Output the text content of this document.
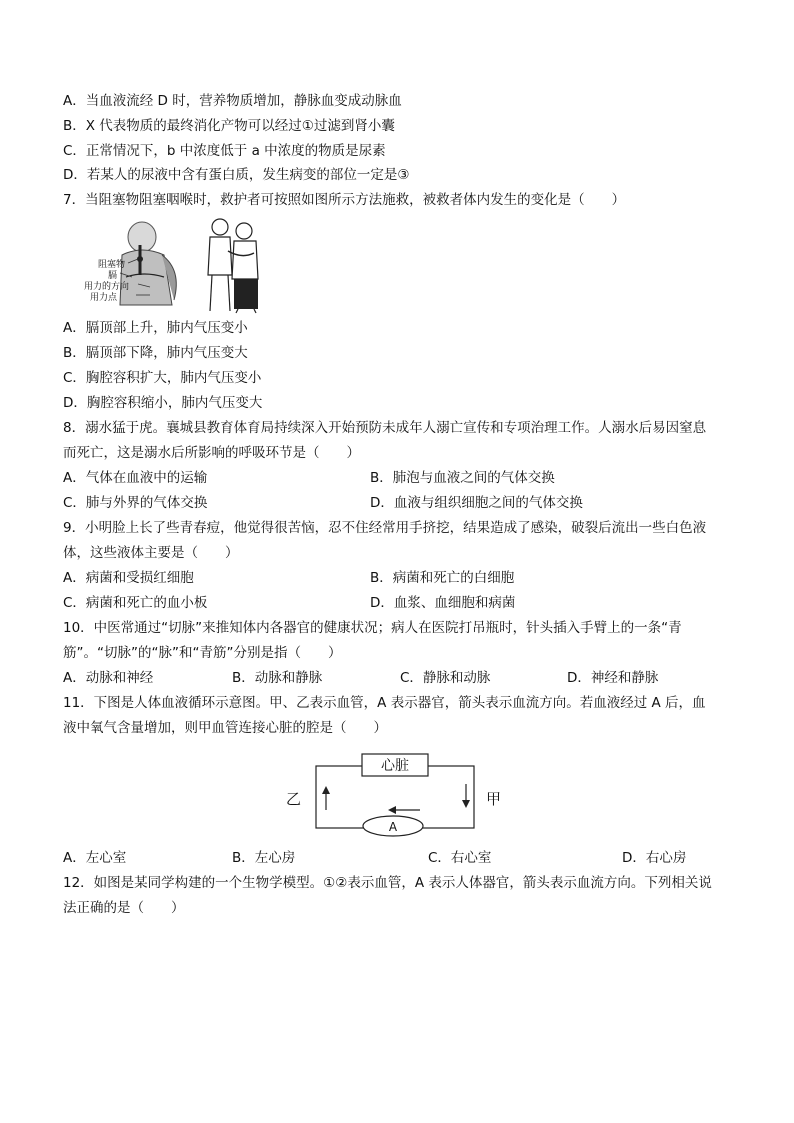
A．当血液流经 D 时，营养物质增加，静脉血变成动脉血
B．X 代表物质的最终消化产物可以经过①过滤到肾小囊
C．正常情况下，b 中浓度低于 a 中浓度的物质是尿素
D．若某人的尿液中含有蛋白质，发生病变的部位一定是③
7．当阻塞物阻塞咽喉时，救护者可按照如图所示方法施救，被救者体内发生的变化是（　　）
阻塞物
膈
用力的方向
用力点
A．膈顶部上升，肺内气压变小
B．膈顶部下降，肺内气压变大
C．胸腔容积扩大，肺内气压变小
D．胸腔容积缩小，肺内气压变大
8．溺水猛于虎。襄城县教育体育局持续深入开始预防未成年人溺亡宣传和专项治理工作。人溺水后易因窒息
而死亡，这是溺水后所影响的呼吸环节是（　　）
A．气体在血液中的运输	B．肺泡与血液之间的气体交换
C．肺与外界的气体交换	D．血液与组织细胞之间的气体交换
9．小明脸上长了些青春痘，他觉得很苦恼，忍不住经常用手挤挖，结果造成了感染，破裂后流出一些白色液
体，这些液体主要是（　　）
A．病菌和受损红细胞	B．病菌和死亡的白细胞
C．病菌和死亡的血小板	D．血浆、血细胞和病菌
10．中医常通过“切脉”来推知体内各器官的健康状况；病人在医院打吊瓶时，针头插入手臂上的一条“青
筋”。“切脉”的“脉”和“青筋”分别是指（　　）
A．动脉和神经	B．动脉和静脉	C．静脉和动脉	D．神经和静脉
11．下图是人体血液循环示意图。甲、乙表示血管，A 表示器官，箭头表示血流方向。若血液经过 A 后，血
液中氧气含量增加，则甲血管连接心脏的腔是（　　）
心脏
A
乙	甲
A．左心室	B．左心房	C．右心室	D．右心房
12．如图是某同学构建的一个生物学模型。①②表示血管，A 表示人体器官，箭头表示血流方向。下列相关说
法正确的是（　　）
